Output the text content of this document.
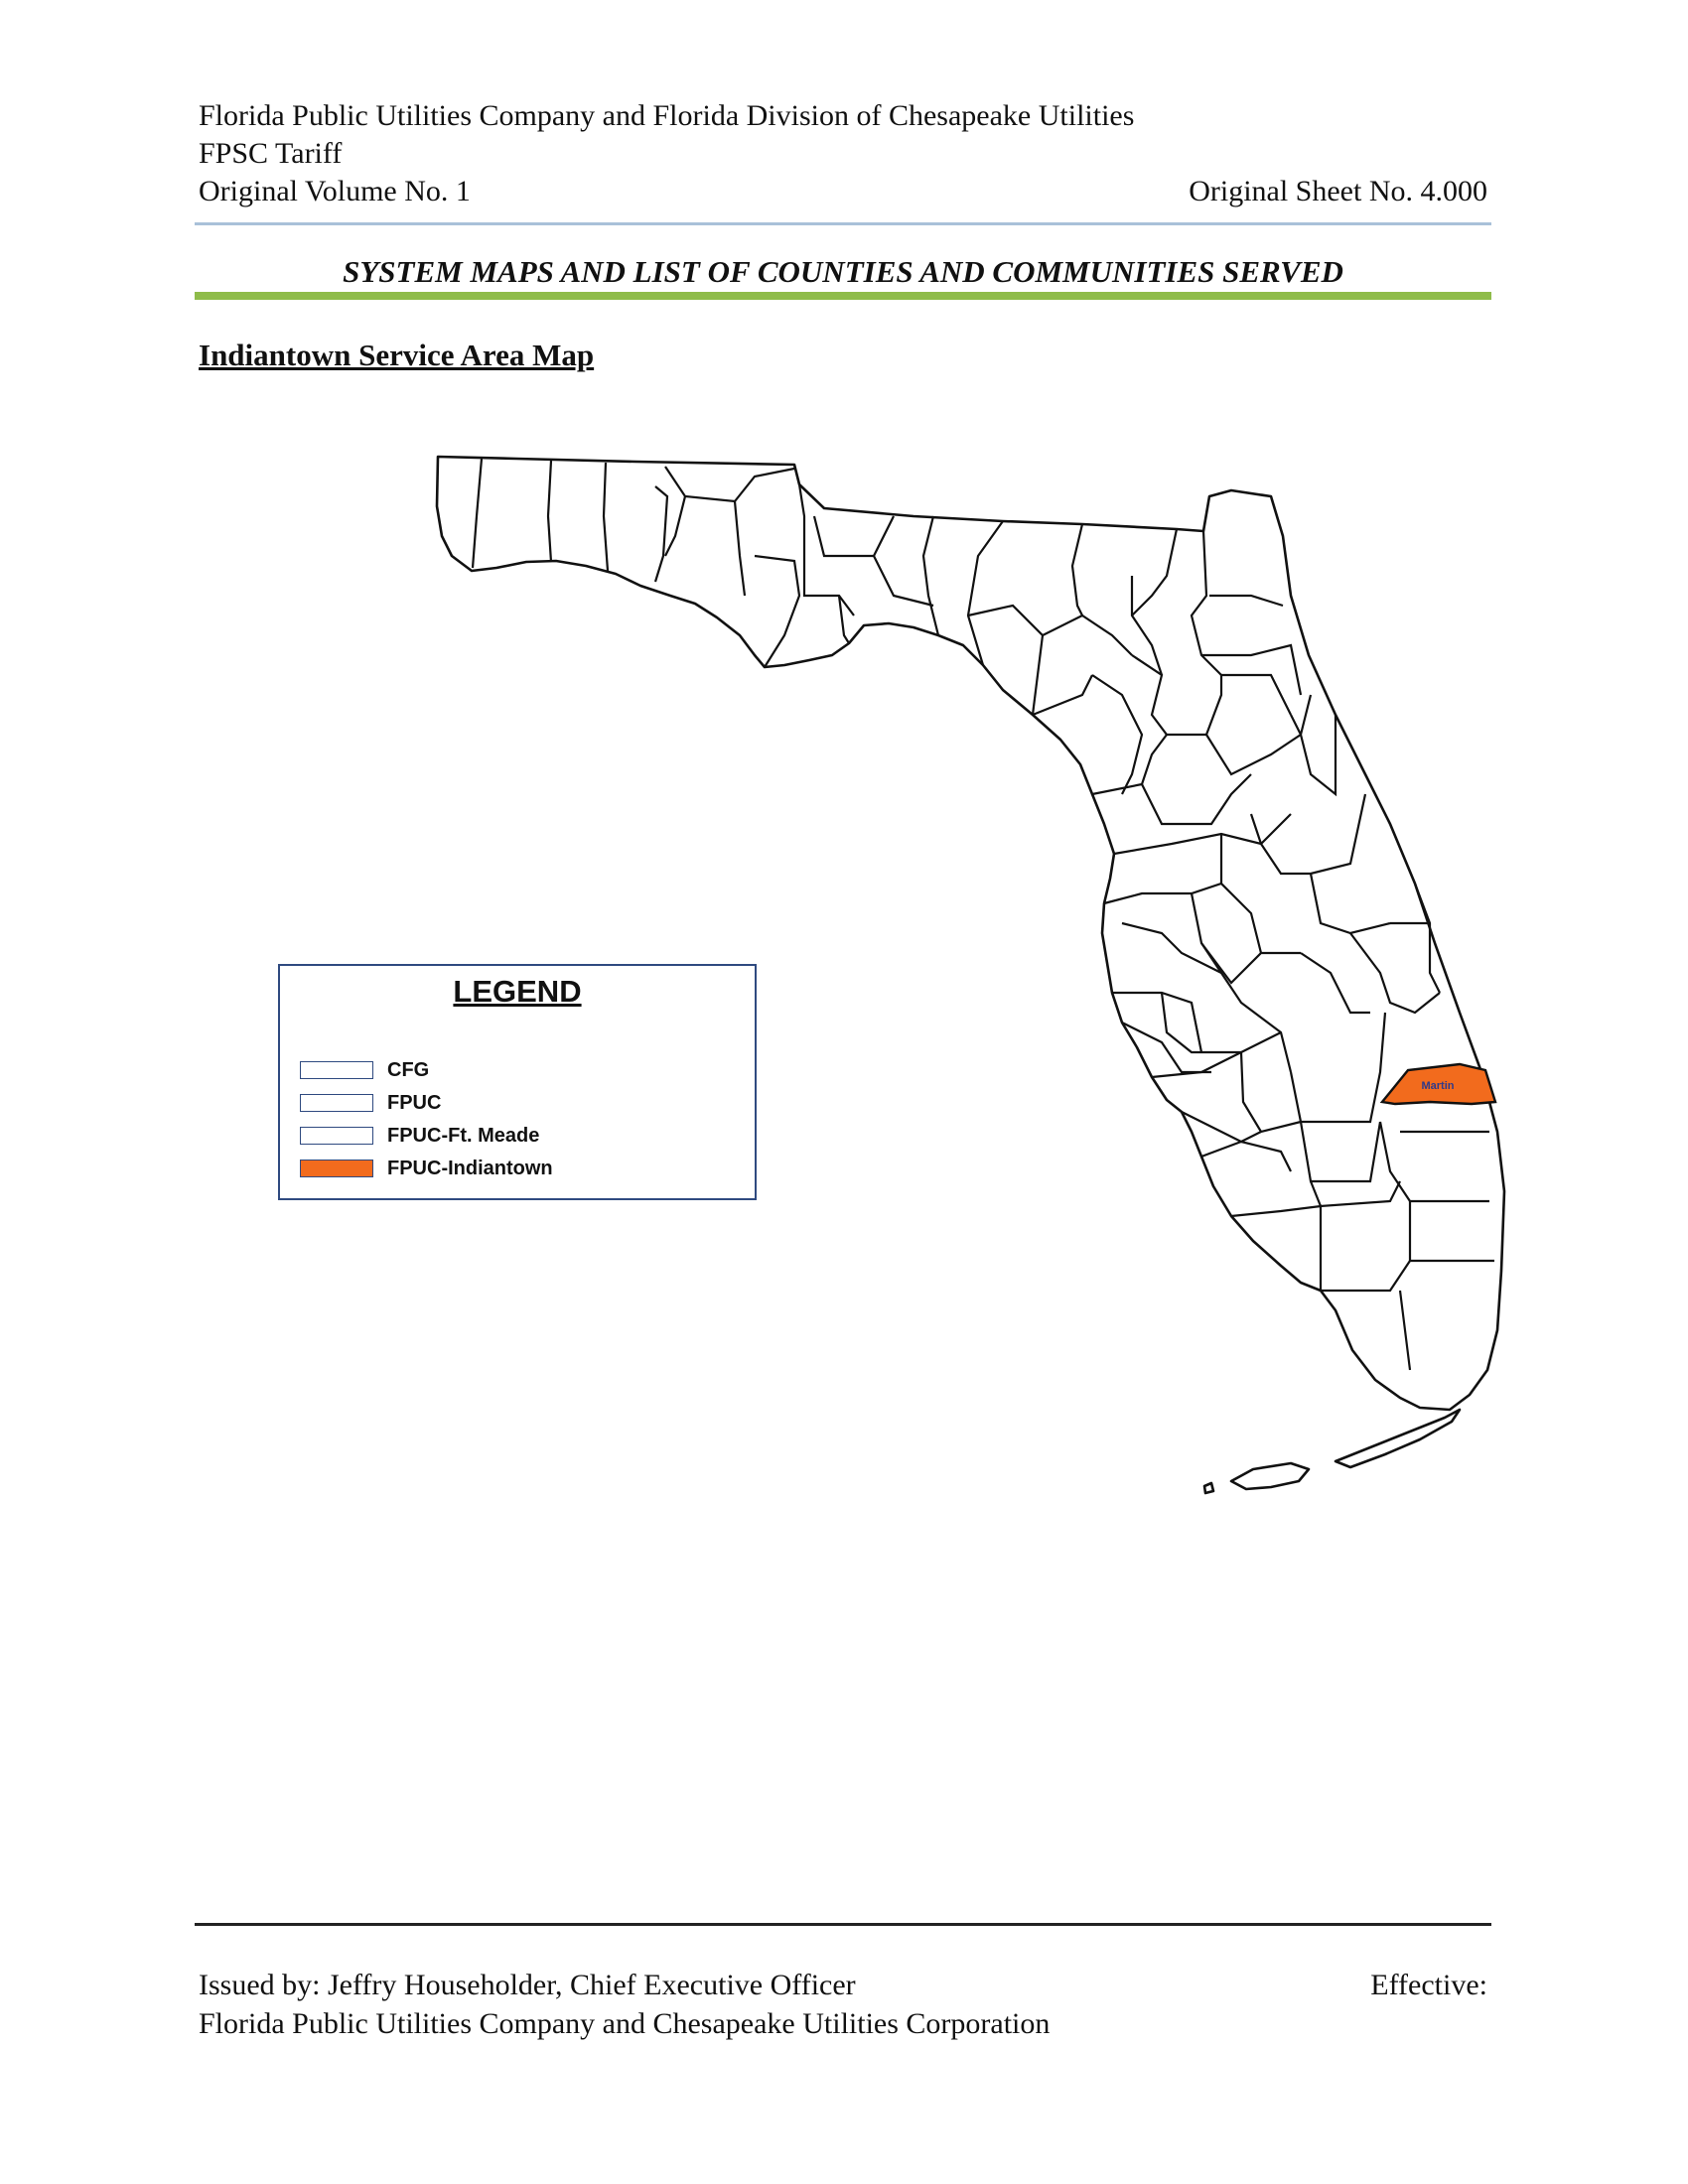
Florida Public Utilities Company and Florida Division of Chesapeake Utilities
FPSC Tariff
Original Volume No. 1	Original Sheet No. 4.000
SYSTEM MAPS AND LIST OF COUNTIES AND COMMUNITIES SERVED
Indiantown Service Area Map
Martin
LEGEND
CFG
FPUC
FPUC-Ft. Meade
FPUC-Indiantown
Issued by: Jeffry Householder, Chief Executive Officer	Effective:
Florida Public Utilities Company and Chesapeake Utilities Corporation
